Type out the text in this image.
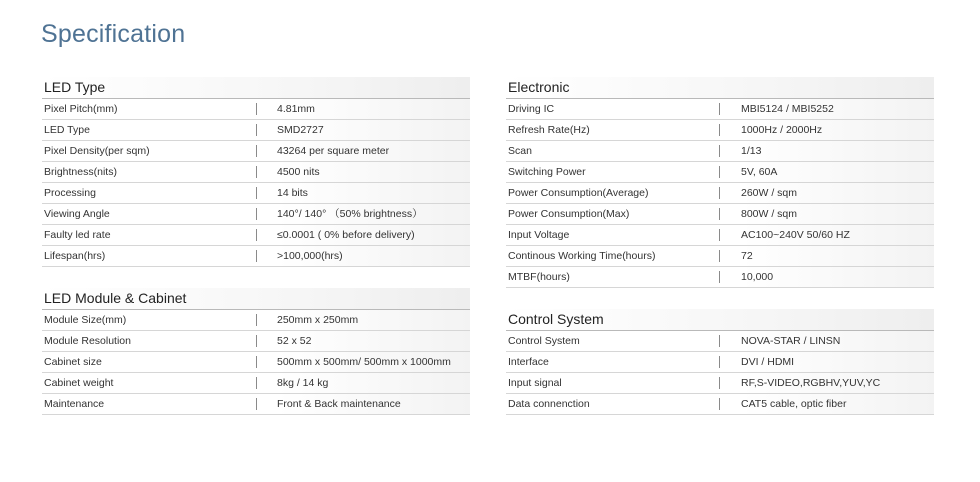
Specification
LED Type
Pixel Pitch(mm)	4.81mm
LED Type	SMD2727
Pixel Density(per sqm)	43264 per square meter
Brightness(nits)	4500 nits
Processing	14 bits
Viewing Angle	140°/ 140° （50% brightness）
Faulty led rate	≤0.0001 ( 0% before delivery)
Lifespan(hrs)	>100,000(hrs)
LED Module & Cabinet
Module Size(mm)	250mm x 250mm
Module Resolution	52 x 52
Cabinet size	500mm x 500mm/ 500mm x 1000mm
Cabinet weight	8kg / 14 kg
Maintenance	Front & Back maintenance
Electronic
Driving IC	MBI5124 / MBI5252
Refresh Rate(Hz)	1000Hz / 2000Hz
Scan	1/13
Switching Power	5V, 60A
Power Consumption(Average)	260W / sqm
Power Consumption(Max)	800W / sqm
Input Voltage	AC100~240V 50/60 HZ
Continous Working Time(hours)	72
MTBF(hours)	10,000
Control System
Control System	NOVA-STAR / LINSN
Interface	DVI / HDMI
Input signal	RF,S-VIDEO,RGBHV,YUV,YC
Data connenction	CAT5 cable, optic fiber
